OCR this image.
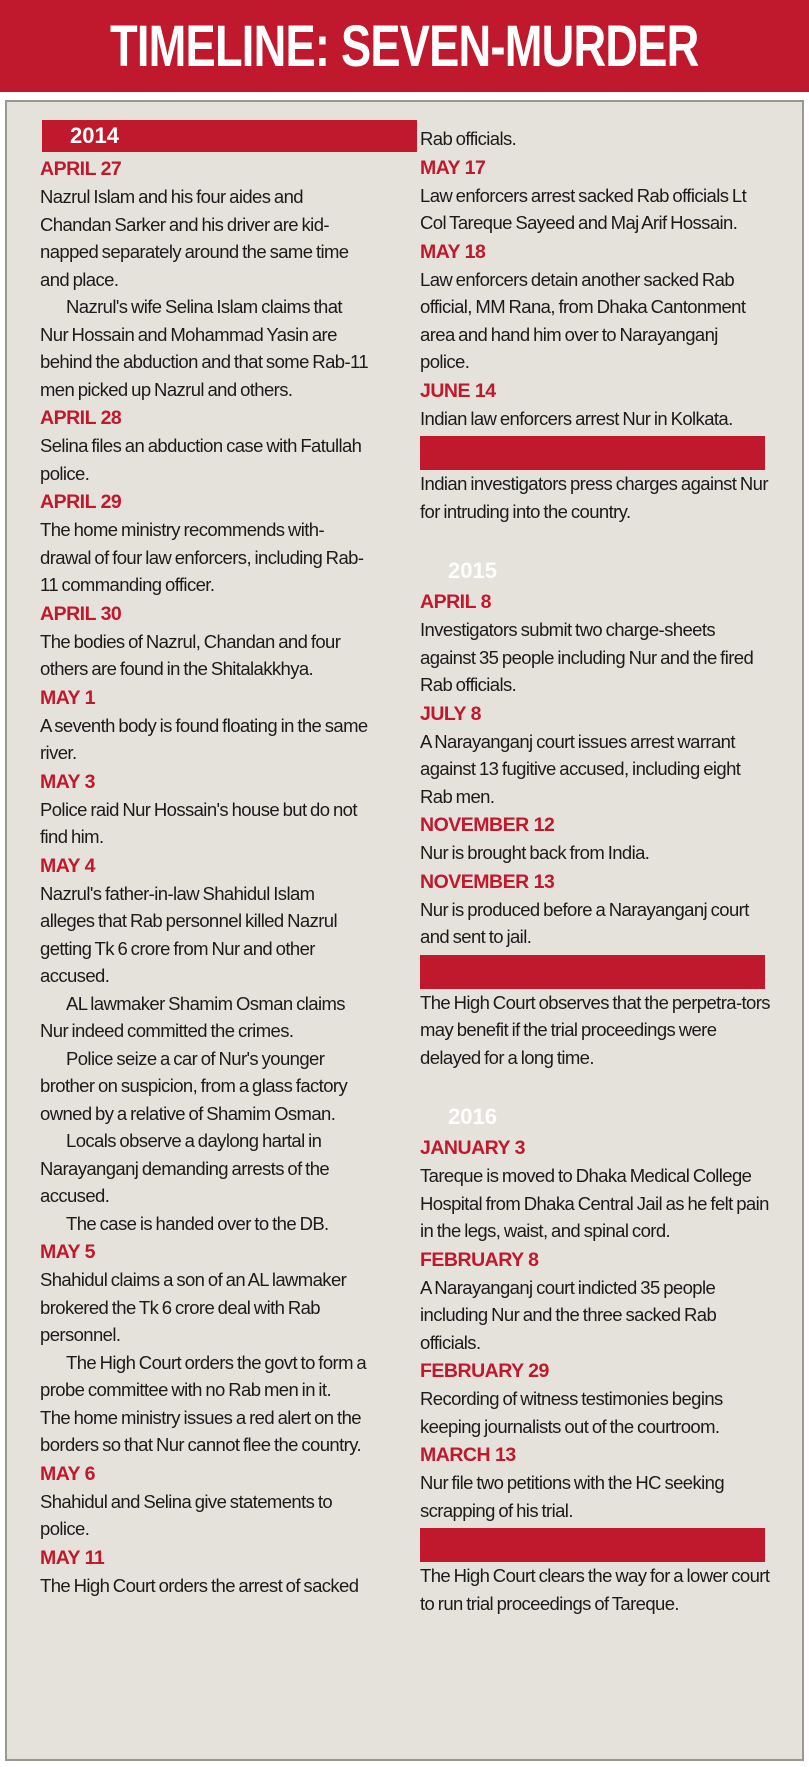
TIMELINE: SEVEN-MURDER
2014
APRIL 27

Nazrul Islam and his four aides and Chandan Sarker and his driver are kid-napped separately around the same time and place.

Nazrul's wife Selina Islam claims that Nur Hossain and Mohammad Yasin are behind the abduction and that some Rab-11 men picked up Nazrul and others.

APRIL 28

Selina files an abduction case with Fatullah police.

APRIL 29

The home ministry recommends with-drawal of four law enforcers, including Rab-11 commanding officer.

APRIL 30

The bodies of Nazrul, Chandan and four others are found in the Shitalakkhya.

MAY 1

A seventh body is found floating in the same river.

MAY 3

Police raid Nur Hossain's house but do not find him.

MAY 4

Nazrul's father-in-law Shahidul Islam alleges that Rab personnel killed Nazrul getting Tk 6 crore from Nur and other accused.

AL lawmaker Shamim Osman claims Nur indeed committed the crimes.

Police seize a car of Nur's younger brother on suspicion, from a glass factory owned by a relative of Shamim Osman.

Locals observe a daylong hartal in Narayanganj demanding arrests of the accused.

The case is handed over to the DB.

MAY 5

Shahidul claims a son of an AL lawmaker brokered the Tk 6 crore deal with Rab personnel.

The High Court orders the govt to form a probe committee with no Rab men in it.

The home ministry issues a red alert on the borders so that Nur cannot flee the country.

MAY 6

Shahidul and Selina give statements to police.

MAY 11

The High Court orders the arrest of sacked

Rab officials.

MAY 17

Law enforcers arrest sacked Rab officials Lt Col Tareque Sayeed and Maj Arif Hossain.

MAY 18

Law enforcers detain another sacked Rab official, MM Rana, from Dhaka Cantonment area and hand him over to Narayanganj police.

JUNE 14

Indian law enforcers arrest Nur in Kolkata.

Indian investigators press charges against Nur for intruding into the country.

2015
APRIL 8

Investigators submit two charge-sheets against 35 people including Nur and the fired Rab officials.

JULY 8

A Narayanganj court issues arrest warrant against 13 fugitive accused, including eight Rab men.

NOVEMBER 12

Nur is brought back from India.

NOVEMBER 13

Nur is produced before a Narayanganj court and sent to jail.

The High Court observes that the perpetra-tors may benefit if the trial proceedings were delayed for a long time.

2016
JANUARY 3

Tareque is moved to Dhaka Medical College Hospital from Dhaka Central Jail as he felt pain in the legs, waist, and spinal cord.

FEBRUARY 8

A Narayanganj court indicted 35 people including Nur and the three sacked Rab officials.

FEBRUARY 29

Recording of witness testimonies begins keeping journalists out of the courtroom.

MARCH 13

Nur file two petitions with the HC seeking scrapping of his trial.

The High Court clears the way for a lower court to run trial proceedings of Tareque.
